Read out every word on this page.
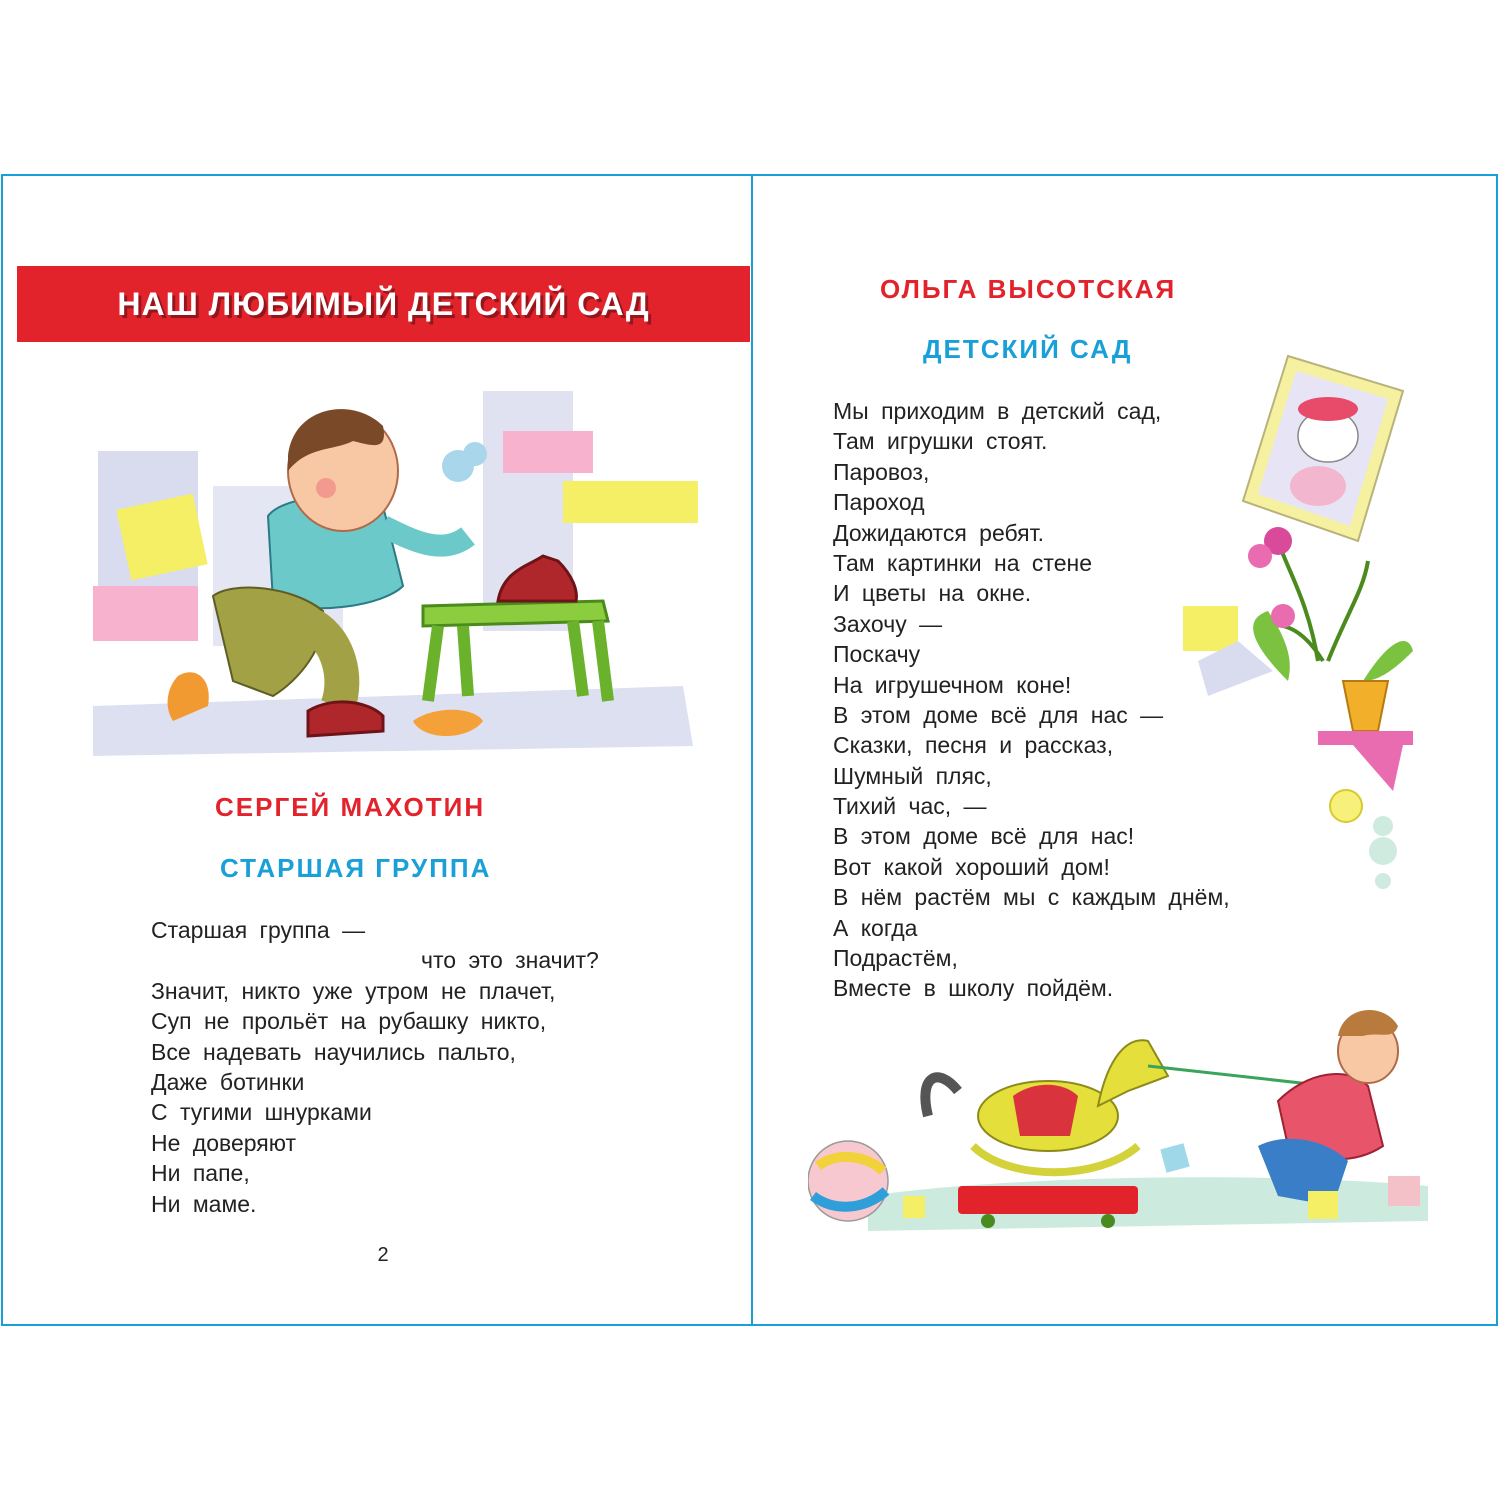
НАШ ЛЮБИМЫЙ ДЕТСКИЙ САД
СЕРГЕЙ МАХОТИН
СТАРШАЯ ГРУППА
Старшая группа —
что это значит?
Значит, никто уже утром не плачет,
Суп не прольёт на рубашку никто,
Все надевать научились пальто,
Даже ботинки
С тугими шнурками
Не доверяют
Ни папе,
Ни маме.
2
ОЛЬГА ВЫСОТСКАЯ
ДЕТСКИЙ САД
Мы приходим в детский сад,
Там игрушки стоят.
Паровоз,
Пароход
Дожидаются ребят.
Там картинки на стене
И цветы на окне.
Захочу —
Поскачу
На игрушечном коне!
В этом доме всё для нас —
Сказки, песня и рассказ,
Шумный пляс,
Тихий час, —
В этом доме всё для нас!
Вот какой хороший дом!
В нём растём мы с каждым днём,
А когда
Подрастём,
Вместе в школу пойдём.
